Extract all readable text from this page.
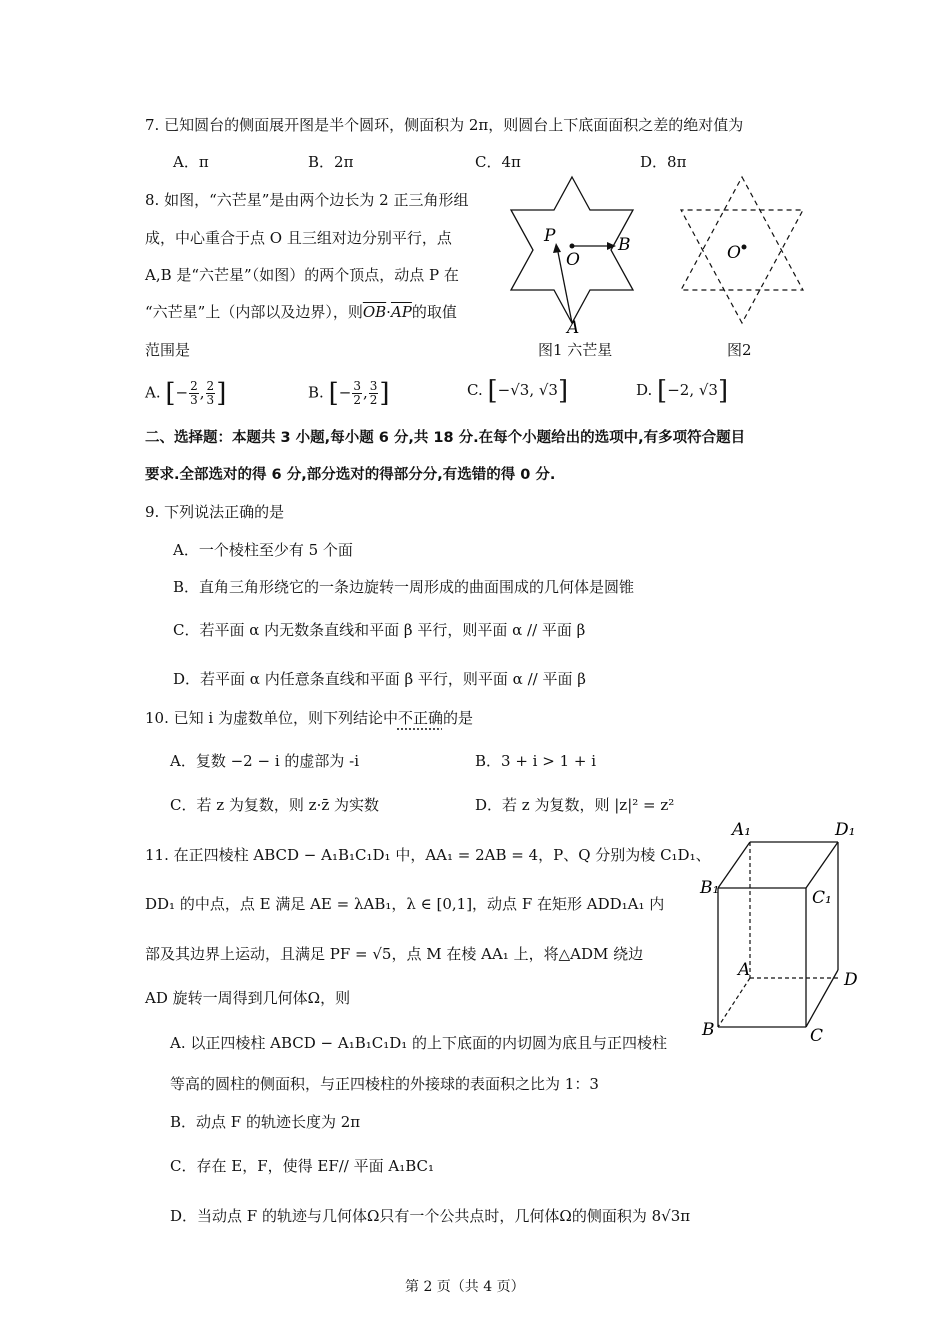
7. 已知圆台的侧面展开图是半个圆环，侧面积为 2π，则圆台上下底面面积之差的绝对值为
A．π	B．2π	C．4π	D．8π
8. 如图，“六芒星”是由两个边长为 2 正三角形组
成，中心重合于点 O 且三组对边分别平行，点
A,B 是“六芒星”（如图）的两个顶点，动点 P 在
“六芒星”上（内部以及边界），则$\overline{OB}\cdot\overline{AP}$的取值
范围是
P
O
B
A
图1 六芒星
O
图2
A. [− $\frac{2}{3}$ , $\frac{2}{3}$ ]	B. [− $\frac{3}{2}$ , $\frac{3}{2}$ ]	C. [−√3, √3]	D. [−2, √3]
二、选择题：本题共 3 小题,每小题 6 分,共 18 分.在每个小题给出的选项中,有多项符合题目
要求.全部选对的得 6 分,部分选对的得部分分,有选错的得 0 分.
9. 下列说法正确的是
A．一个棱柱至少有 5 个面
B．直角三角形绕它的一条边旋转一周形成的曲面围成的几何体是圆锥
C．若平面 α 内无数条直线和平面 β 平行，则平面 α // 平面 β
D．若平面 α 内任意条直线和平面 β 平行，则平面 α // 平面 β
10. 已知 i 为虚数单位，则下列结论中不正确的是
A．复数 −2 − i 的虚部为 -i	B．3 + i > 1 + i
C．若 z 为复数，则 z·z̄ 为实数	D．若 z 为复数，则 |z|² = z²
11. 在正四棱柱 ABCD − A₁B₁C₁D₁ 中，AA₁ = 2AB = 4，P、Q 分别为棱 C₁D₁、
DD₁ 的中点，点 E 满足 AE = λAB₁，λ ∈ [0,1]，动点 F 在矩形 ADD₁A₁ 内
部及其边界上运动，且满足 PF = √5，点 M 在棱 AA₁ 上，将△ADM 绕边
AD 旋转一周得到几何体Ω，则
A. 以正四棱柱 ABCD − A₁B₁C₁D₁ 的上下底面的内切圆为底且与正四棱柱
等高的圆柱的侧面积，与正四棱柱的外接球的表面积之比为 1：3
B．动点 F 的轨迹长度为 2π
C．存在 E，F，使得 EF// 平面 A₁BC₁
D．当动点 F 的轨迹与几何体Ω只有一个公共点时，几何体Ω的侧面积为 8√3π
A₁	D₁
B₁	C₁
A	D
B	C
第 2 页（共 4 页）
